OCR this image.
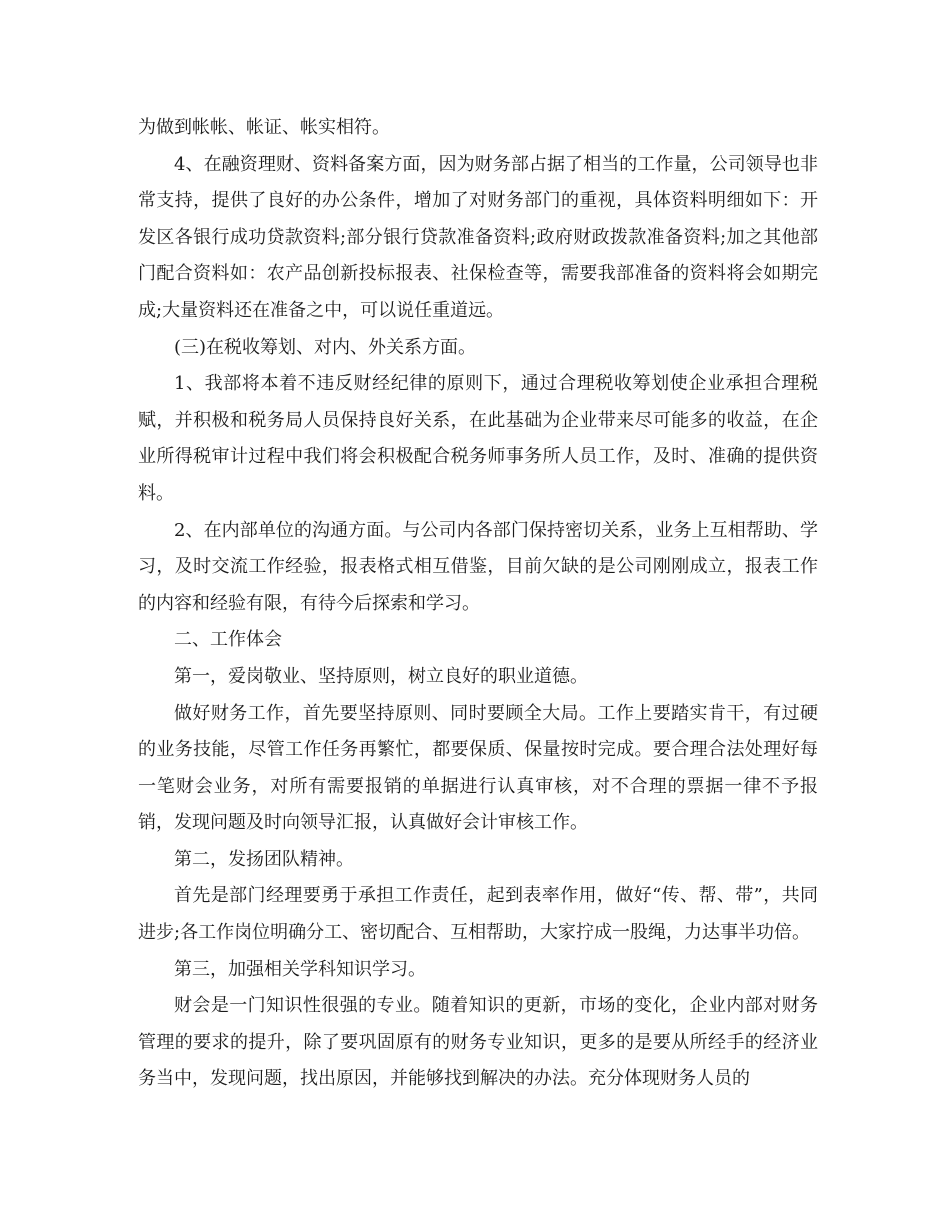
为做到帐帐、帐证、帐实相符。

4、在融资理财、资料备案方面，因为财务部占据了相当的工作量，公司领导也非常支持，提供了良好的办公条件，增加了对财务部门的重视，具体资料明细如下：开发区各银行成功贷款资料;部分银行贷款准备资料;政府财政拨款准备资料;加之其他部门配合资料如：农产品创新投标报表、社保检查等，需要我部准备的资料将会如期完成;大量资料还在准备之中，可以说任重道远。

(三)在税收筹划、对内、外关系方面。

1、我部将本着不违反财经纪律的原则下，通过合理税收筹划使企业承担合理税赋，并积极和税务局人员保持良好关系，在此基础为企业带来尽可能多的收益，在企业所得税审计过程中我们将会积极配合税务师事务所人员工作，及时、准确的提供资料。

2、在内部单位的沟通方面。与公司内各部门保持密切关系，业务上互相帮助、学习，及时交流工作经验，报表格式相互借鉴，目前欠缺的是公司刚刚成立，报表工作的内容和经验有限，有待今后探索和学习。

二、工作体会

第一，爱岗敬业、坚持原则，树立良好的职业道德。

做好财务工作，首先要坚持原则、同时要顾全大局。工作上要踏实肯干，有过硬的业务技能，尽管工作任务再繁忙，都要保质、保量按时完成。要合理合法处理好每一笔财会业务，对所有需要报销的单据进行认真审核，对不合理的票据一律不予报销，发现问题及时向领导汇报，认真做好会计审核工作。

第二，发扬团队精神。

首先是部门经理要勇于承担工作责任，起到表率作用，做好“传、帮、带”，共同进步;各工作岗位明确分工、密切配合、互相帮助，大家拧成一股绳，力达事半功倍。

第三，加强相关学科知识学习。

财会是一门知识性很强的专业。随着知识的更新，市场的变化，企业内部对财务管理的要求的提升，除了要巩固原有的财务专业知识，更多的是要从所经手的经济业务当中，发现问题，找出原因，并能够找到解决的办法。充分体现财务人员的
